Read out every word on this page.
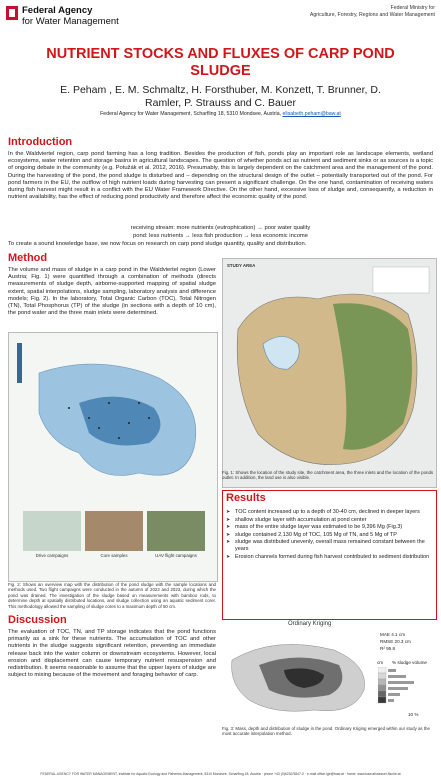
Federal Agency
for Water Management
Federal Ministry for
Agriculture, Forestry, Regions and Water Management
NUTRIENT STOCKS AND FLUXES OF CARP POND
SLUDGE
E. Peham , E. M. Schmaltz, H. Forsthuber, M. Konzett, T. Brunner, D.
Ramler, P. Strauss and C. Bauer
Federal Agency for Water Management, Scharfling 18, 5310 Mondsee, Austria, elisabeth.peham@baw.at
Introduction
In the Waldviertel region, carp pond farming has a long tradition. Besides the production of fish, ponds play an important role as landscape elements, wetland ecosystems, water retention and storage basins in agricultural landscapes. The question of whether ponds act as nutrient and sediment sinks or as sources is a topic of ongoing debate in the community (e.g. Potužák et al. 2012, 2016). Presumably, this is largely dependent on the catchment area and the management of the pond. During the harvesting of the pond, the pond sludge is disturbed and – depending on the structural design of the outlet – potentially transported out of the pond. For pond farmers in the EU, the outflow of high nutrient loads during harvesting can present a significant challenge. On the one hand, contamination of receiving waters during fish harvest might result in a conflict with the EU Water Framework Directive. On the other hand, excessive loss of sludge and, consequently, a reduction in nutrient availability, has the effect of reducing pond productivity and therefore affect the economic quality of the pond.
receiving stream: more nutrients (eutrophication) → poor water quality
pond: less nutrients → less fish production → less economic income
To create a sound knowledge base, we now focus on research on carp pond sludge quantity, quality and distribution.
Method
The volume and mass of sludge in a carp pond in the Waldviertel region (Lower Austria; Fig. 1) were quantified through a combination of methods (directs measurements of sludge depth, airborne-supported mapping of spatial sludge extent, spatial interpolations, sludge sampling, laboratory analysis and difference models; Fig. 2). In the laboratory, Total Organic Carbon (TOC), Total Nitrogen (TN), Total Phosphorus (TP) of the sludge (in sections with a depth of 10 cm), the pond water and the three main inlets were determined.
Drive campaigns	Core samples	UAV flight campaigns
Fig. 2: Shows an overview map with the distribution of the pond sludge with the sample locations and methods used. Two flight campaigns were conducted in the autumn of 2022 and 2023, during which the pond was drained. The investigation of the sludge based on measurements with bamboo rods, to determine depth at spatially distributed locations, and sludge collection using an aquatic sediment corer. This methodology allowed the sampling of sludge cores to a maximum depth of 50 cm.
STUDY AREA
Results
➤ TOC content increased up to a depth of 30-40 cm, declined in deeper layers
➤ shallow sludge layer with accumulation at pond center
➤ mass of the entire sludge layer was estimated to be 9,396 Mg (Fig.3)
➤ sludge contained 2,130 Mg of TOC, 105 Mg of TN, and 5 Mg of TP
➤ sludge was distributed unevenly, overall mass remained constant between the years
➤ Erosion channels formed during fish harvest contributed to sediment distribution
Fig. 1: Shows the location of the study site, the catchment area, the three inlets and the location of the ponds outlet. In addition, the land use is also visible.
Ordinary Kriging
MAE 4.1 cm
RMSE 20.3 cm
R² 95.8
cm % sludge volume
10 %
Fig. 3: Mass, depth and distribution of sludge in the pond. Ordinary Kriging emerged within our study as the most accurate interpolation method.
Discussion
The evaluation of TOC, TN, and TP storage indicates that the pond functions primarily as a sink for these nutrients. The accumulation of TOC and other nutrients in the sludge suggests significant retention, preventing an immediate release back into the water column or downstream ecosystems. However, local erosion and displacement can cause temporary nutrient resuspension and redistribution. It seems reasonable to assume that the upper layers of sludge are subject to mixing because of the movement and foraging behavior of carp.
FEDERAL AGENCY FOR WATER MANAGEMENT, Institute for Aquatic Ecology and Fisheries Management, 5310 Mondsee, Scharfling 18, Austria · phone +43 (0)6232/3847-0 · e-mail office.ige@baw.at · home: www.baw.at/wasser-fische.at
